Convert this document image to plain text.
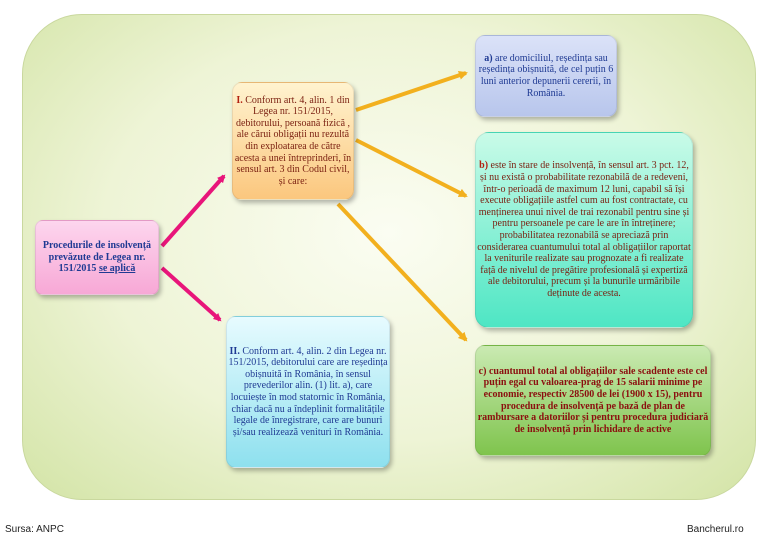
Procedurile de insolvență prevăzute de Legea nr. 151/2015 se aplică
I. Conform art. 4, alin. 1 din Legea nr. 151/2015, debitorului, persoană fizică , ale cărui obligații nu rezultă din exploatarea de către acesta a unei întreprinderi, în sensul art. 3 din Codul civil, și care:
II. Conform art. 4, alin. 2 din Legea nr. 151/2015, debitorului care are reședința obișnuită în România, în sensul prevederilor alin. (1) lit. a), care locuiește în mod statornic în România, chiar dacă nu a îndeplinit formalitățile legale de înregistrare, care are bunuri și/sau realizează venituri în România.
a) are domiciliul, reședința sau reședința obișnuită, de cel puțin 6 luni anterior depunerii cererii, în România.
b) este în stare de insolvență, în sensul art. 3 pct. 12, și nu există o probabilitate rezonabilă de a redeveni, într-o perioadă de maximum 12 luni, capabil să își execute obligațiile astfel cum au fost contractate, cu menținerea unui nivel de trai rezonabil pentru sine și pentru persoanele pe care le are în întreținere; probabilitatea rezonabilă se apreciază prin considerarea cuantumului total al obligațiilor raportat la veniturile realizate sau prognozate a fi realizate față de nivelul de pregătire profesională și expertiză ale debitorului, precum și la bunurile urmăribile deținute de acesta.
c) cuantumul total al obligațiilor sale scadente este cel puțin egal cu valoarea-prag de 15 salarii minime pe economie, respectiv 28500 de lei (1900 x 15), pentru procedura de insolvență pe bază de plan de rambursare a datoriilor și pentru procedura judiciară de insolvență prin lichidare de active
Sursa: ANPC	Bancherul.ro
